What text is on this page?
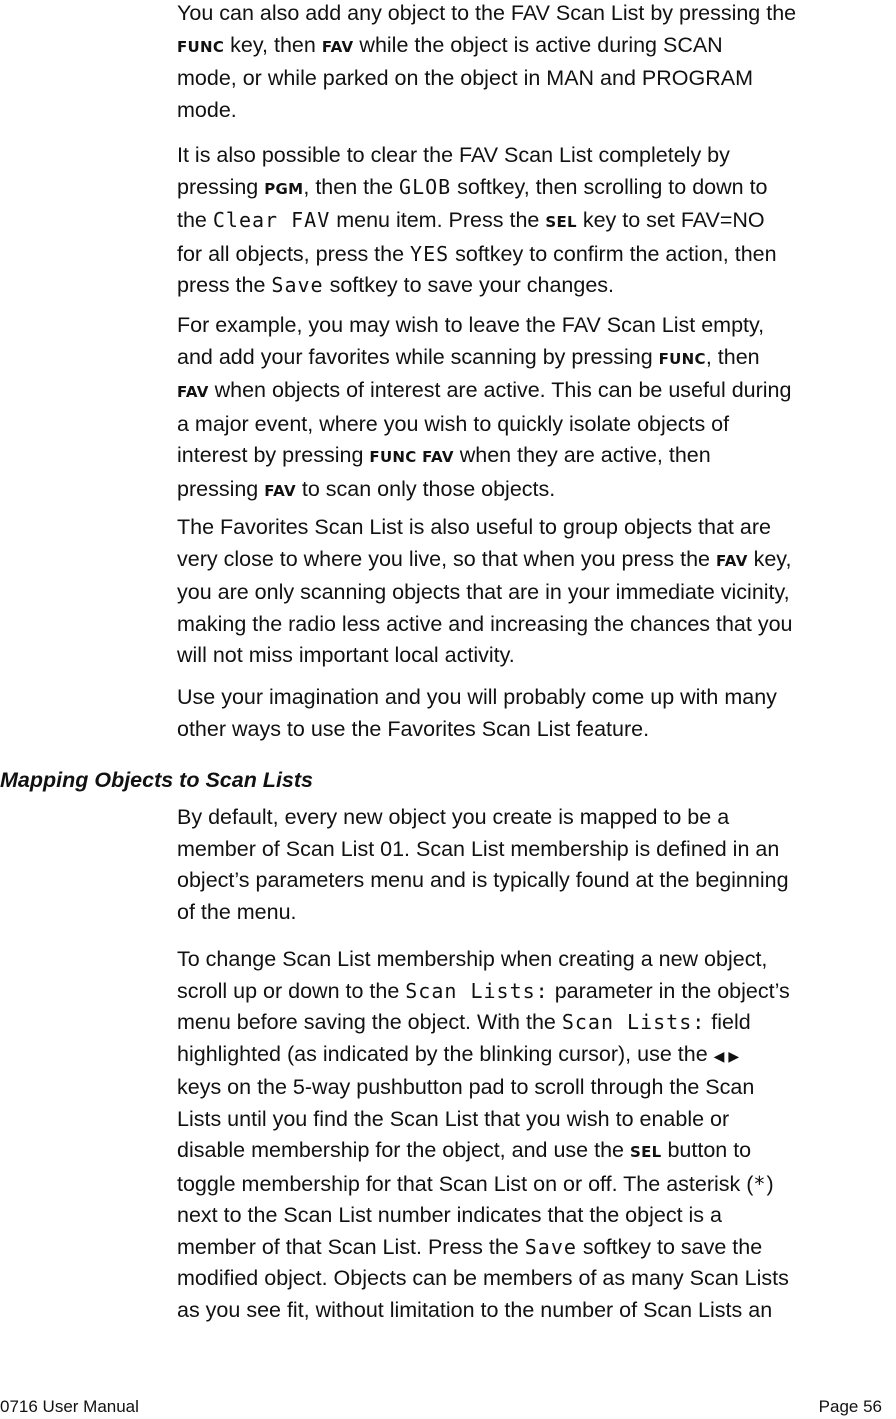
You can also add any object to the FAV Scan List by pressing the
FUNC key, then FAV while the object is active during SCAN
mode, or while parked on the object in MAN and PROGRAM
mode.
It is also possible to clear the FAV Scan List completely by
pressing PGM, then the GLOB softkey, then scrolling to down to
the Clear FAV menu item. Press the SEL key to set FAV=NO
for all objects, press the YES softkey to confirm the action, then
press the Save softkey to save your changes.
For example, you may wish to leave the FAV Scan List empty,
and add your favorites while scanning by pressing FUNC, then
FAV when objects of interest are active. This can be useful during
a major event, where you wish to quickly isolate objects of
interest by pressing FUNC FAV when they are active, then
pressing FAV to scan only those objects.
The Favorites Scan List is also useful to group objects that are
very close to where you live, so that when you press the FAV key,
you are only scanning objects that are in your immediate vicinity,
making the radio less active and increasing the chances that you
will not miss important local activity.
Use your imagination and you will probably come up with many
other ways to use the Favorites Scan List feature.
Mapping Objects to Scan Lists
By default, every new object you create is mapped to be a
member of Scan List 01. Scan List membership is defined in an
object’s parameters menu and is typically found at the beginning
of the menu.
To change Scan List membership when creating a new object,
scroll up or down to the Scan Lists: parameter in the object’s
menu before saving the object. With the Scan Lists: field
highlighted (as indicated by the blinking cursor), use the ◀▶
keys on the 5-way pushbutton pad to scroll through the Scan
Lists until you find the Scan List that you wish to enable or
disable membership for the object, and use the SEL button to
toggle membership for that Scan List on or off. The asterisk (*)
next to the Scan List number indicates that the object is a
member of that Scan List. Press the Save softkey to save the
modified object. Objects can be members of as many Scan Lists
as you see fit, without limitation to the number of Scan Lists an
0716 User Manual	Page 56
